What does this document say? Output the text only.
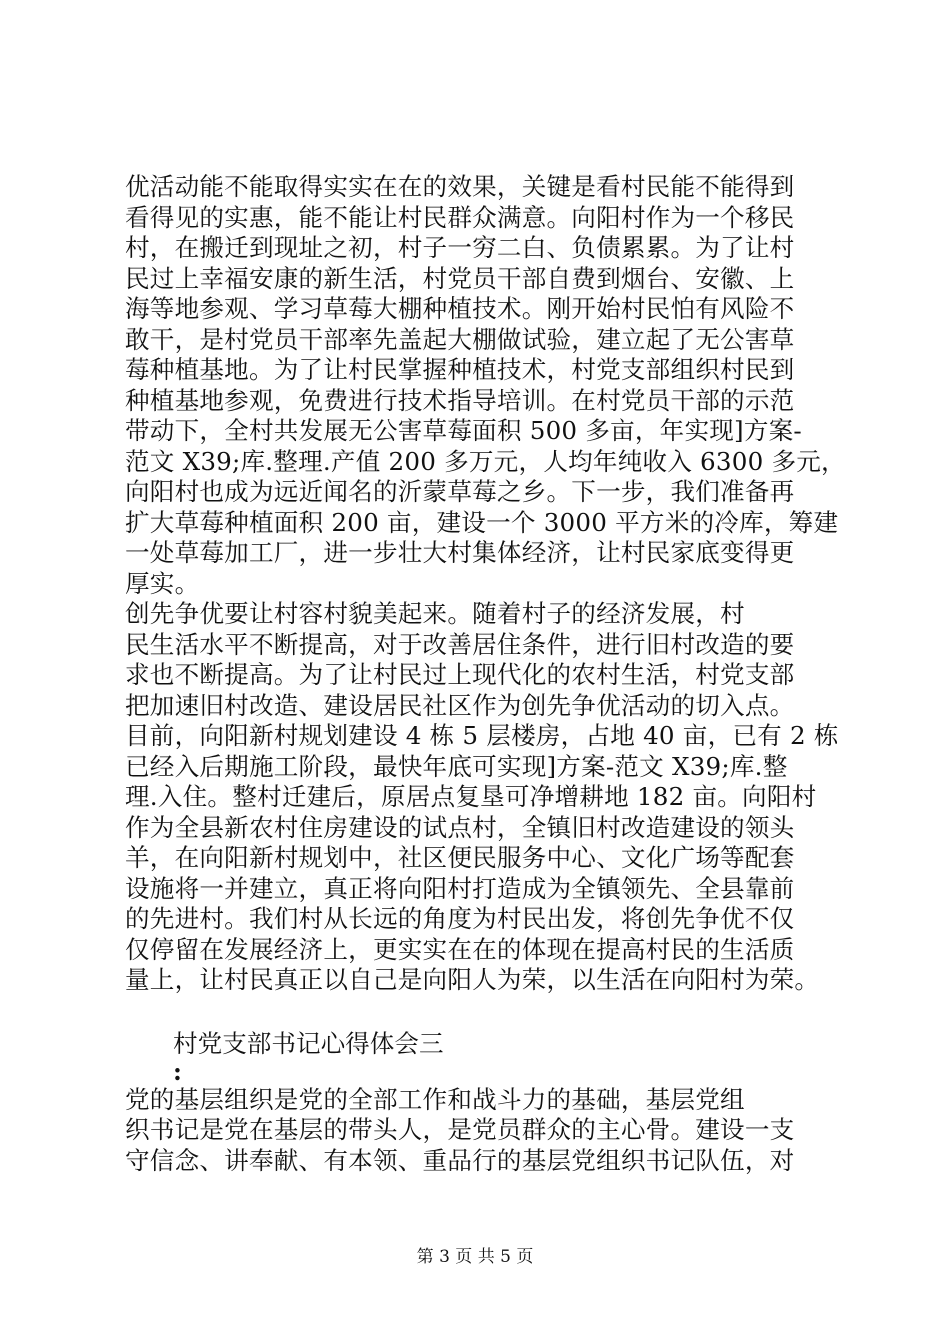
优活动能不能取得实实在在的效果，关键是看村民能不能得到
看得见的实惠，能不能让村民群众满意。向阳村作为一个移民
村，在搬迁到现址之初，村子一穷二白、负债累累。为了让村
民过上幸福安康的新生活，村党员干部自费到烟台、安徽、上
海等地参观、学习草莓大棚种植技术。刚开始村民怕有风险不
敢干，是村党员干部率先盖起大棚做试验，建立起了无公害草
莓种植基地。为了让村民掌握种植技术，村党支部组织村民到
种植基地参观，免费进行技术指导培训。在村党员干部的示范
带动下，全村共发展无公害草莓面积 500 多亩，年实现]方案-
范文 X39;库.整理.产值 200 多万元，人均年纯收入 6300 多元，
向阳村也成为远近闻名的沂蒙草莓之乡。下一步，我们准备再
扩大草莓种植面积 200 亩，建设一个 3000 平方米的冷库，筹建
一处草莓加工厂，进一步壮大村集体经济，让村民家底变得更
厚实。
创先争优要让村容村貌美起来。随着村子的经济发展，村
民生活水平不断提高，对于改善居住条件，进行旧村改造的要
求也不断提高。为了让村民过上现代化的农村生活，村党支部
把加速旧村改造、建设居民社区作为创先争优活动的切入点。
目前，向阳新村规划建设 4 栋 5 层楼房，占地 40 亩，已有 2 栋
已经入后期施工阶段，最快年底可实现]方案-范文 X39;库.整
理.入住。整村迁建后，原居点复垦可净增耕地 182 亩。向阳村
作为全县新农村住房建设的试点村，全镇旧村改造建设的领头
羊，在向阳新村规划中，社区便民服务中心、文化广场等配套
设施将一并建立，真正将向阳村打造成为全镇领先、全县靠前
的先进村。我们村从长远的角度为村民出发，将创先争优不仅
仅停留在发展经济上，更实实在在的体现在提高村民的生活质
量上，让村民真正以自己是向阳人为荣，以生活在向阳村为荣。
村党支部书记心得体会三
:
党的基层组织是党的全部工作和战斗力的基础，基层党组
织书记是党在基层的带头人，是党员群众的主心骨。建设一支
守信念、讲奉献、有本领、重品行的基层党组织书记队伍，对
第 3 页 共 5 页
